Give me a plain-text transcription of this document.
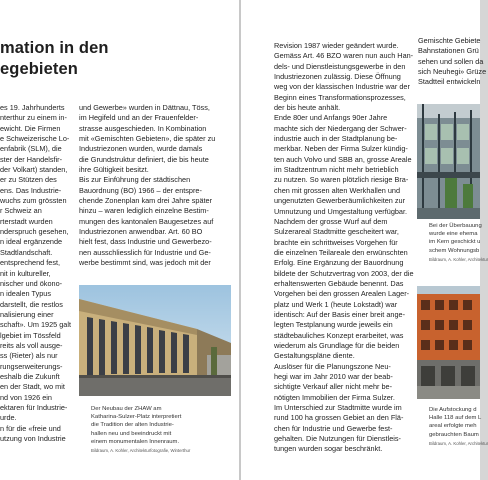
mation in den
egebieten
es 19. Jahrhunderts
nterthur zu einem in-
ewicht. Die Firmen
e Schweizerische Lo-
enfabrik (SLM), die
ster der Handelsfir-
der Volkart) standen,
er zu Stützen des
ens. Das Industrie-
wuchs zum grössten
r Schweiz an
rterstadt wurden
nderspruch gesehen,
n ideal ergänzende
Stadtlandschaft.
entsprechend fest,
nit in kultureller,
nischer und ökono-
n idealen Typus
darstellt, die restlos
nalisierung einer
schaft». Um 1925 galt
lgebiet im Tössfeld
reits als voll ausge-
ss (Rieter) als nur
rungserweiterungs-
eshalb die Zukunft
en der Stadt, wo mit
nd von 1926 ein
ektaren für Industrie-
urde.
n für die «freie und
utzung von Industrie
und Gewerbe» wurden in Dättnau, Töss,
im Hegifeld und an der Frauenfelder-
strasse ausgeschieden. In Kombination
mit «Gemischten Gebieten», die später zu
Industriezonen wurden, wurde damals
die Grundstruktur definiert, die bis heute
ihre Gültigkeit besitzt.
Bis zur Einführung der städtischen
Bauordnung (BO) 1966 – der entspre-
chende Zonenplan kam drei Jahre später
hinzu – waren lediglich einzelne Bestim-
mungen des kantonalen Baugesetzes auf
Industriezonen anwendbar. Art. 60 BO
hielt fest, dass Industrie und Gewerbezo-
nen ausschliesslich für Industrie und Ge-
werbe bestimmt sind, was jedoch mit der
Der Neubau der ZHAW am
Katharina-Sulzer-Platz interpretiert
die Tradition der alten Industrie-
hallen neu und beeindruckt mit
einem monumentalen Innenraum.
Bildraum, A. Kohler, Architekturfotografie, Winterthur
Revision 1987 wieder geändert wurde.
Gemäss Art. 46 BZO waren nun auch Han-
dels- und Dienstleistungsgewerbe in den
Industriezonen zulässig. Diese Öffnung
weg von der klassischen Industrie war der
Beginn eines Transformationsprozesses,
der bis heute anhält.
Ende 80er und Anfangs 90er Jahre
machte sich der Niedergang der Schwer-
industrie auch in der Stadtplanung be-
merkbar. Neben der Firma Sulzer kündig-
ten auch Volvo und SBB an, grosse Areale
im Stadtzentrum nicht mehr betrieblich
zu nutzen. So waren plötzlich riesige Bra-
chen mit grossen alten Werkhallen und
ungenutzten Gewerberäumlichkeiten zur
Umnutzung und Umgestaltung verfügbar.
Nachdem der grosse Wurf auf dem
Sulzerareal Stadtmitte gescheitert war,
brachte ein schrittweises Vorgehen für
die einzelnen Teilareale den erwünschten
Erfolg. Eine Ergänzung der Bauordnung
bildete der Schutzvertrag von 2003, der die
erhaltenswerten Gebäude benennt. Das
Vorgehen bei den grossen Arealen Lager-
platz und Werk 1 (heute Lokstadt) war
identisch: Auf der Basis einer breit ange-
legten Testplanung wurde jeweils ein
städtebauliches Konzept erarbeitet, was
wiederum als Grundlage für die beiden
Gestaltungspläne diente.
Auslöser für die Planungszone Neu-
hegi war im Jahr 2010 war der beab-
sichtigte Verkauf aller nicht mehr be-
nötigten Immobilien der Firma Sulzer.
Im Unterschied zur Stadtmitte wurde im
rund 100 ha grossen Gebiet an den Flä-
chen für Industrie und Gewerbe fest-
gehalten. Die Nutzungen für Dienstleis-
tungen wurden sogar beschränkt.
Gemischte Gebiete
Bahnstationen Grü
sehen und sollen da
sich Neuhegi» Grüze
Stadtteil entwickeln
Bei der Überbauung
wurde eine ehema
im Kern geschickt u
schem Wohnungsb
Bildraum, A. Kohler, Architektur
Die Aufstockung d
Halle 118 auf dem L
areal erfolgte meh
gebrauchten Baum
Bildraum, A. Kohler, Architektur
